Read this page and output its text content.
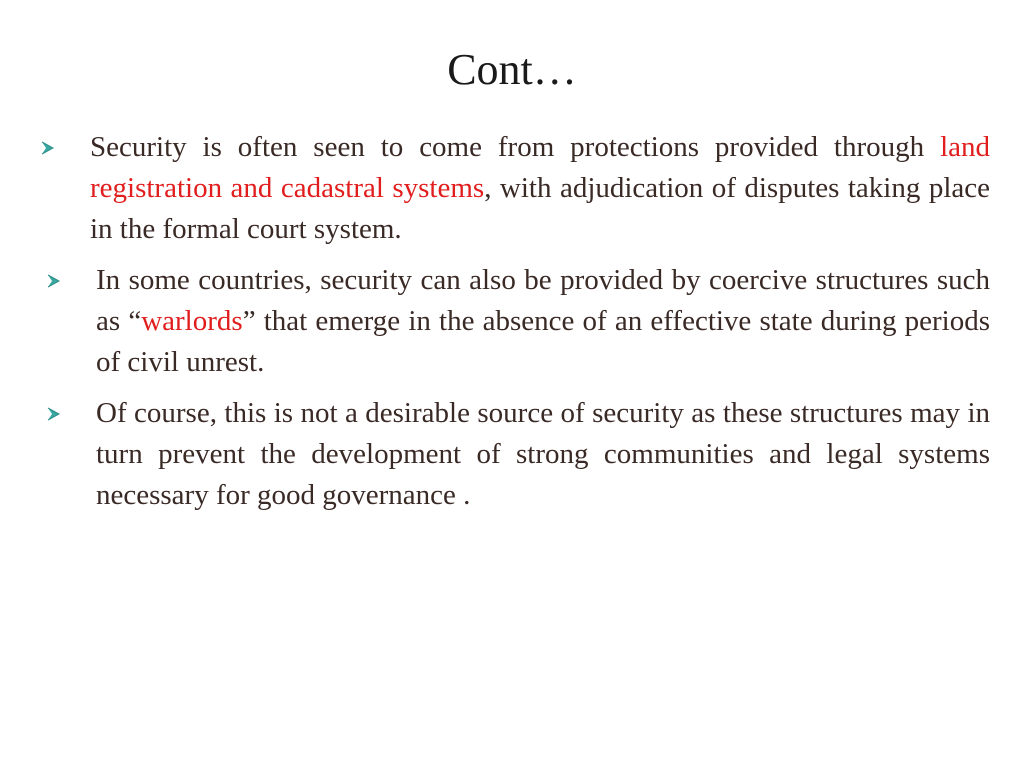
Cont…
Security is often seen to come from protections provided through land registration and cadastral systems, with adjudication of disputes taking place in the formal court system.
In some countries, security can also be provided by coercive structures such as “warlords” that emerge in the absence of an effective state during periods of civil unrest.
Of course, this is not a desirable source of security as these structures may in turn prevent the development of strong communities and legal systems necessary for good governance .
